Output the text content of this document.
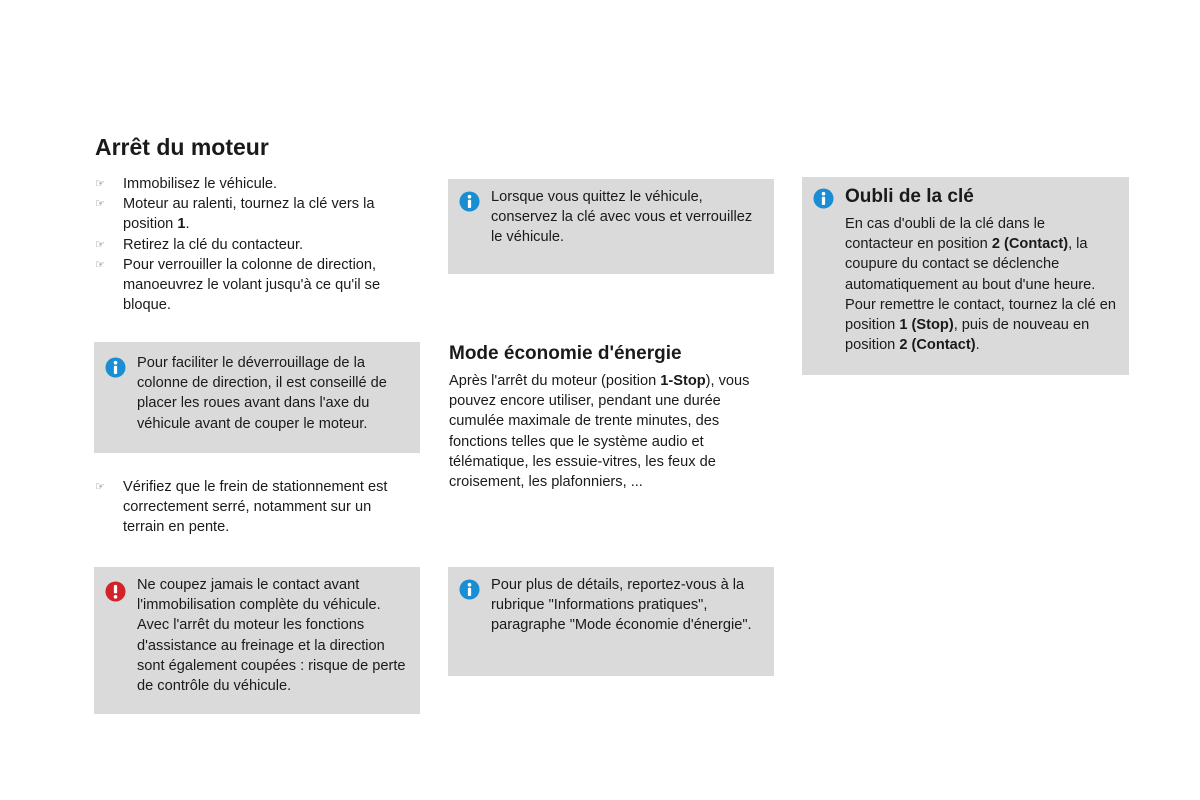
Arrêt du moteur
☞ Immobilisez le véhicule.
☞ Moteur au ralenti, tournez la clé vers la position 1.
☞ Retirez la clé du contacteur.
☞ Pour verrouiller la colonne de direction, manoeuvrez le volant jusqu'à ce qu'il se bloque.

Pour faciliter le déverrouillage de la colonne de direction, il est conseillé de placer les roues avant dans l'axe du véhicule avant de couper le moteur.

☞ Vérifiez que le frein de stationnement est correctement serré, notamment sur un terrain en pente.

Ne coupez jamais le contact avant l'immobilisation complète du véhicule. Avec l'arrêt du moteur les fonctions d'assistance au freinage et la direction sont également coupées : risque de perte de contrôle du véhicule.

Lorsque vous quittez le véhicule, conservez la clé avec vous et verrouillez le véhicule.

Mode économie d'énergie

Après l'arrêt du moteur (position 1-Stop), vous pouvez encore utiliser, pendant une durée cumulée maximale de trente minutes, des fonctions telles que le système audio et télématique, les essuie-vitres, les feux de croisement, les plafonniers, ...

Pour plus de détails, reportez-vous à la rubrique "Informations pratiques", paragraphe "Mode économie d'énergie".

Oubli de la clé

En cas d'oubli de la clé dans le contacteur en position 2 (Contact), la coupure du contact se déclenche automatiquement au bout d'une heure. Pour remettre le contact, tournez la clé en position 1 (Stop), puis de nouveau en position 2 (Contact).
